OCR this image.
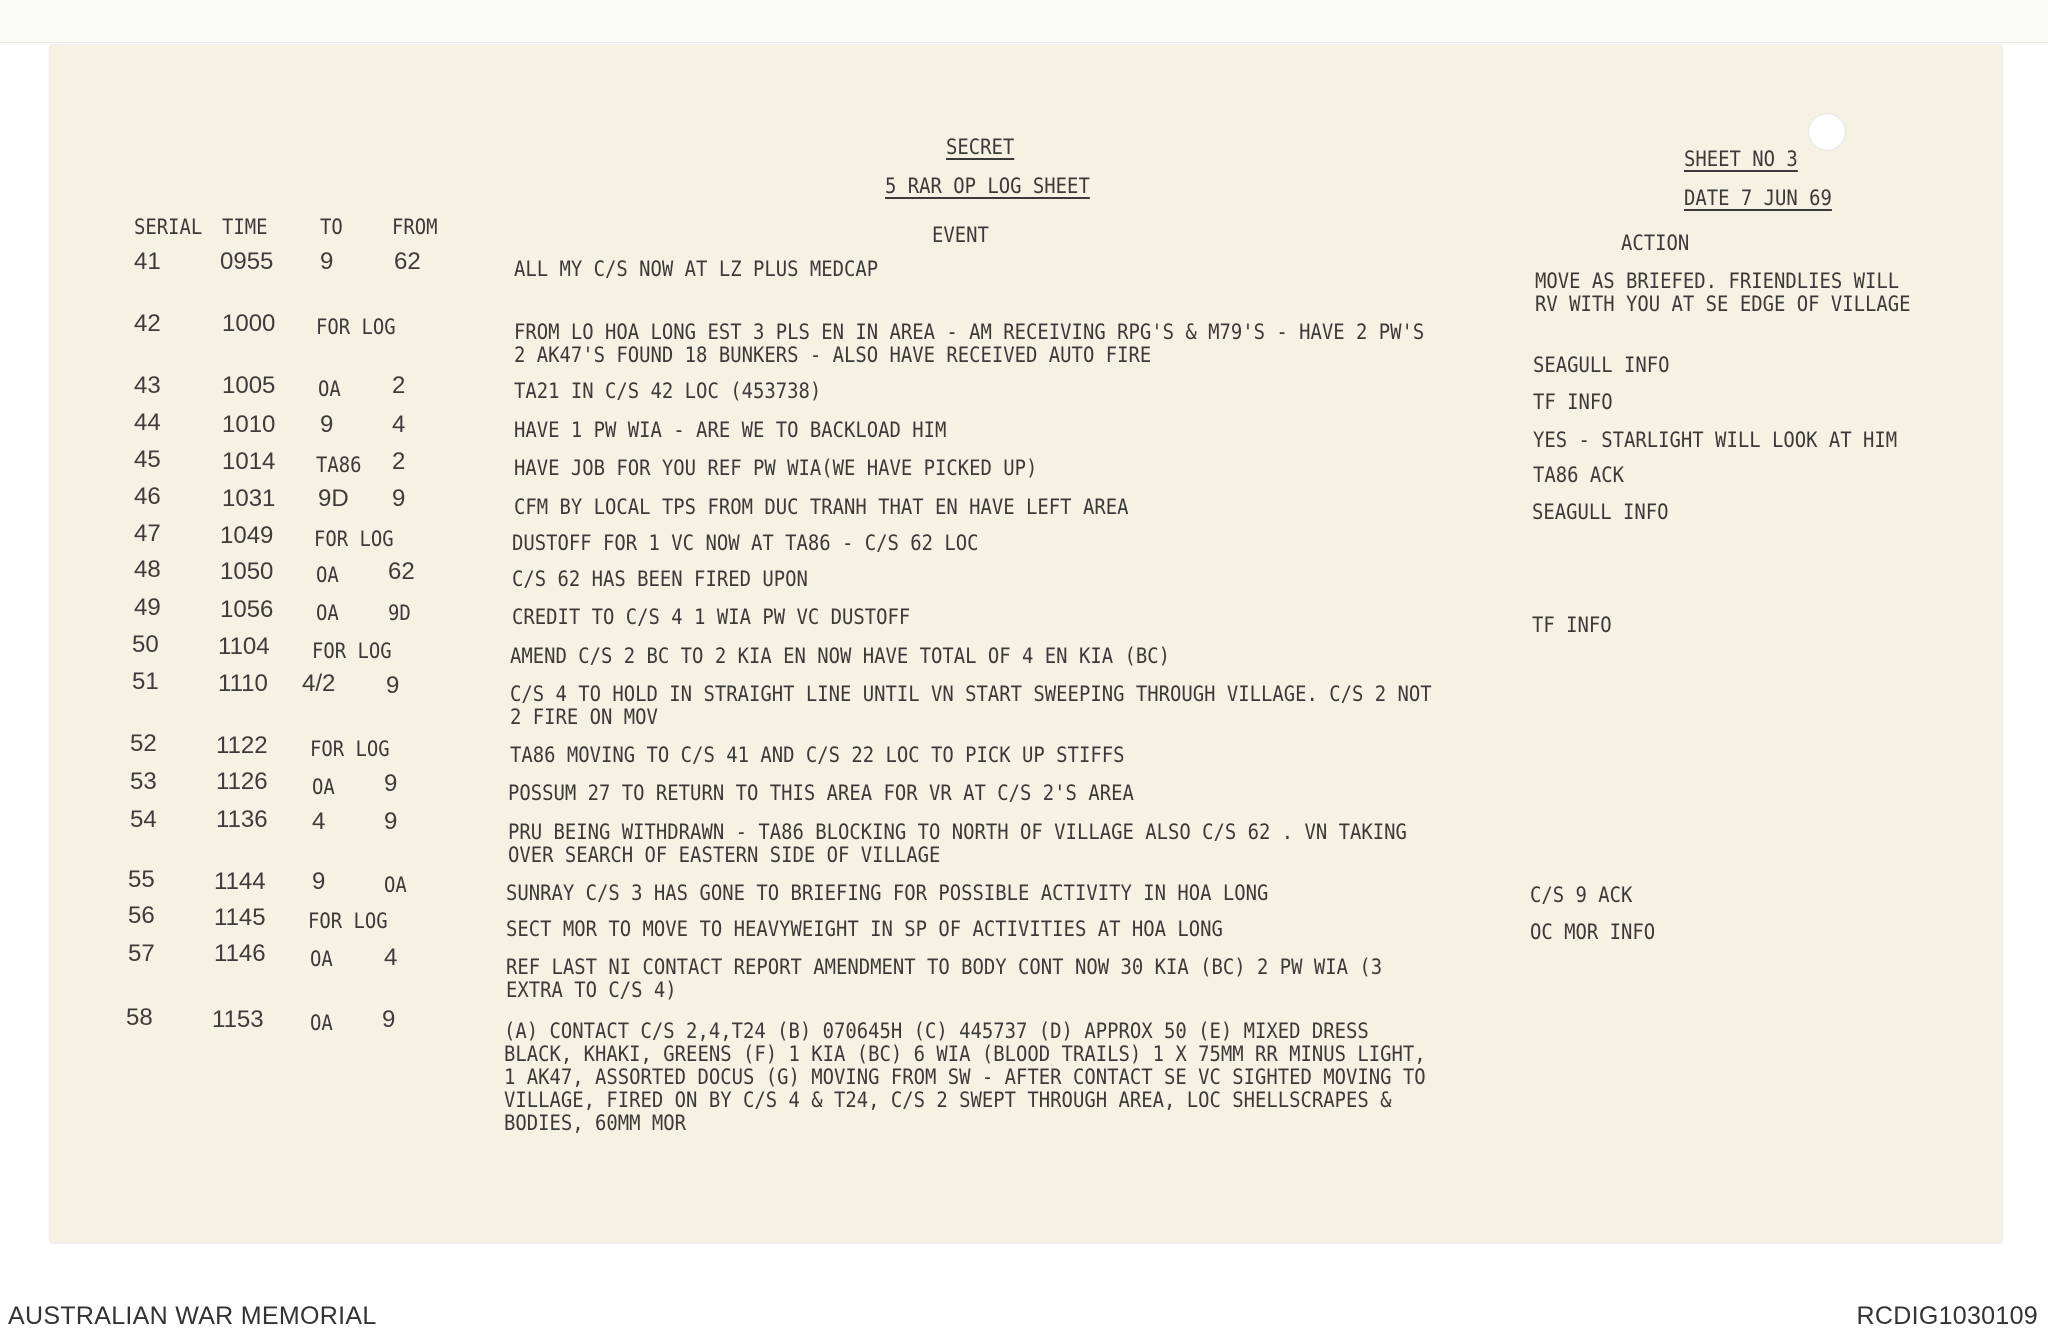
SECRET
5 RAR OP LOG SHEET
SHEET NO 3
DATE 7 JUN 69
SERIAL TIME TO FROM	EVENT	ACTION
41 0955 9	62	ALL MY C/S NOW AT LZ PLUS MEDCAP	MOVE AS BRIEFED. FRIENDLIES WILL
RV WITH YOU AT SE EDGE OF VILLAGE
42	1000 FOR LOG	FROM LO HOA LONG EST 3 PLS EN IN AREA - AM RECEIVING RPG'S & M79'S - HAVE 2 PW'S
2 AK47'S FOUND 18 BUNKERS - ALSO HAVE RECEIVED AUTO FIRE	SEAGULL INFO
43	1005 OA 2	TA21 IN C/S 42 LOC (453738)	TF INFO
44	1010 9 4	HAVE 1 PW WIA - ARE WE TO BACKLOAD HIM	YES - STARLIGHT WILL LOOK AT HIM
45	1014 TA86 2	HAVE JOB FOR YOU REF PW WIA(WE HAVE PICKED UP)	TA86 ACK
46	1031 9D 9	CFM BY LOCAL TPS FROM DUC TRANH THAT EN HAVE LEFT AREA	SEAGULL INFO
47 1049 FOR LOG	DUSTOFF FOR 1 VC NOW AT TA86 - C/S 62 LOC
48 1050 OA 62	C/S 62 HAS BEEN FIRED UPON
49 1056 OA 9D	CREDIT TO C/S 4 1 WIA PW VC DUSTOFF	TF INFO
50 1104 FOR LOG	AMEND C/S 2 BC TO 2 KIA EN NOW HAVE TOTAL OF 4 EN KIA (BC)
51 1110 4/2 9	C/S 4 TO HOLD IN STRAIGHT LINE UNTIL VN START SWEEPING THROUGH VILLAGE. C/S 2 NOT
2 FIRE ON MOV
52 1122 FOR LOG	TA86 MOVING TO C/S 41 AND C/S 22 LOC TO PICK UP STIFFS
53 1126 OA 9	POSSUM 27 TO RETURN TO THIS AREA FOR VR AT C/S 2'S AREA
54 1136 4 9	PRU BEING WITHDRAWN - TA86 BLOCKING TO NORTH OF VILLAGE ALSO C/S 62 . VN TAKING
OVER SEARCH OF EASTERN SIDE OF VILLAGE
55 1144 9	OA	SUNRAY C/S 3 HAS GONE TO BRIEFING FOR POSSIBLE ACTIVITY IN HOA LONG	C/S 9 ACK
56 1145 FOR LOG	SECT MOR TO MOVE TO HEAVYWEIGHT IN SP OF ACTIVITIES AT HOA LONG	OC MOR INFO
57 1146 OA 4	REF LAST NI CONTACT REPORT AMENDMENT TO BODY CONT NOW 30 KIA (BC) 2 PW WIA (3
EXTRA TO C/S 4)
58 1153 OA 9	(A) CONTACT C/S 2,4,T24 (B) 070645H (C) 445737 (D) APPROX 50 (E) MIXED DRESS
BLACK, KHAKI, GREENS (F) 1 KIA (BC) 6 WIA (BLOOD TRAILS) 1 X 75MM RR MINUS LIGHT,
1 AK47, ASSORTED DOCUS (G) MOVING FROM SW - AFTER CONTACT SE VC SIGHTED MOVING TO
VILLAGE, FIRED ON BY C/S 4 & T24, C/S 2 SWEPT THROUGH AREA, LOC SHELLSCRAPES &
BODIES, 60MM MOR
AUSTRALIAN WAR MEMORIAL	RCDIG1030109
